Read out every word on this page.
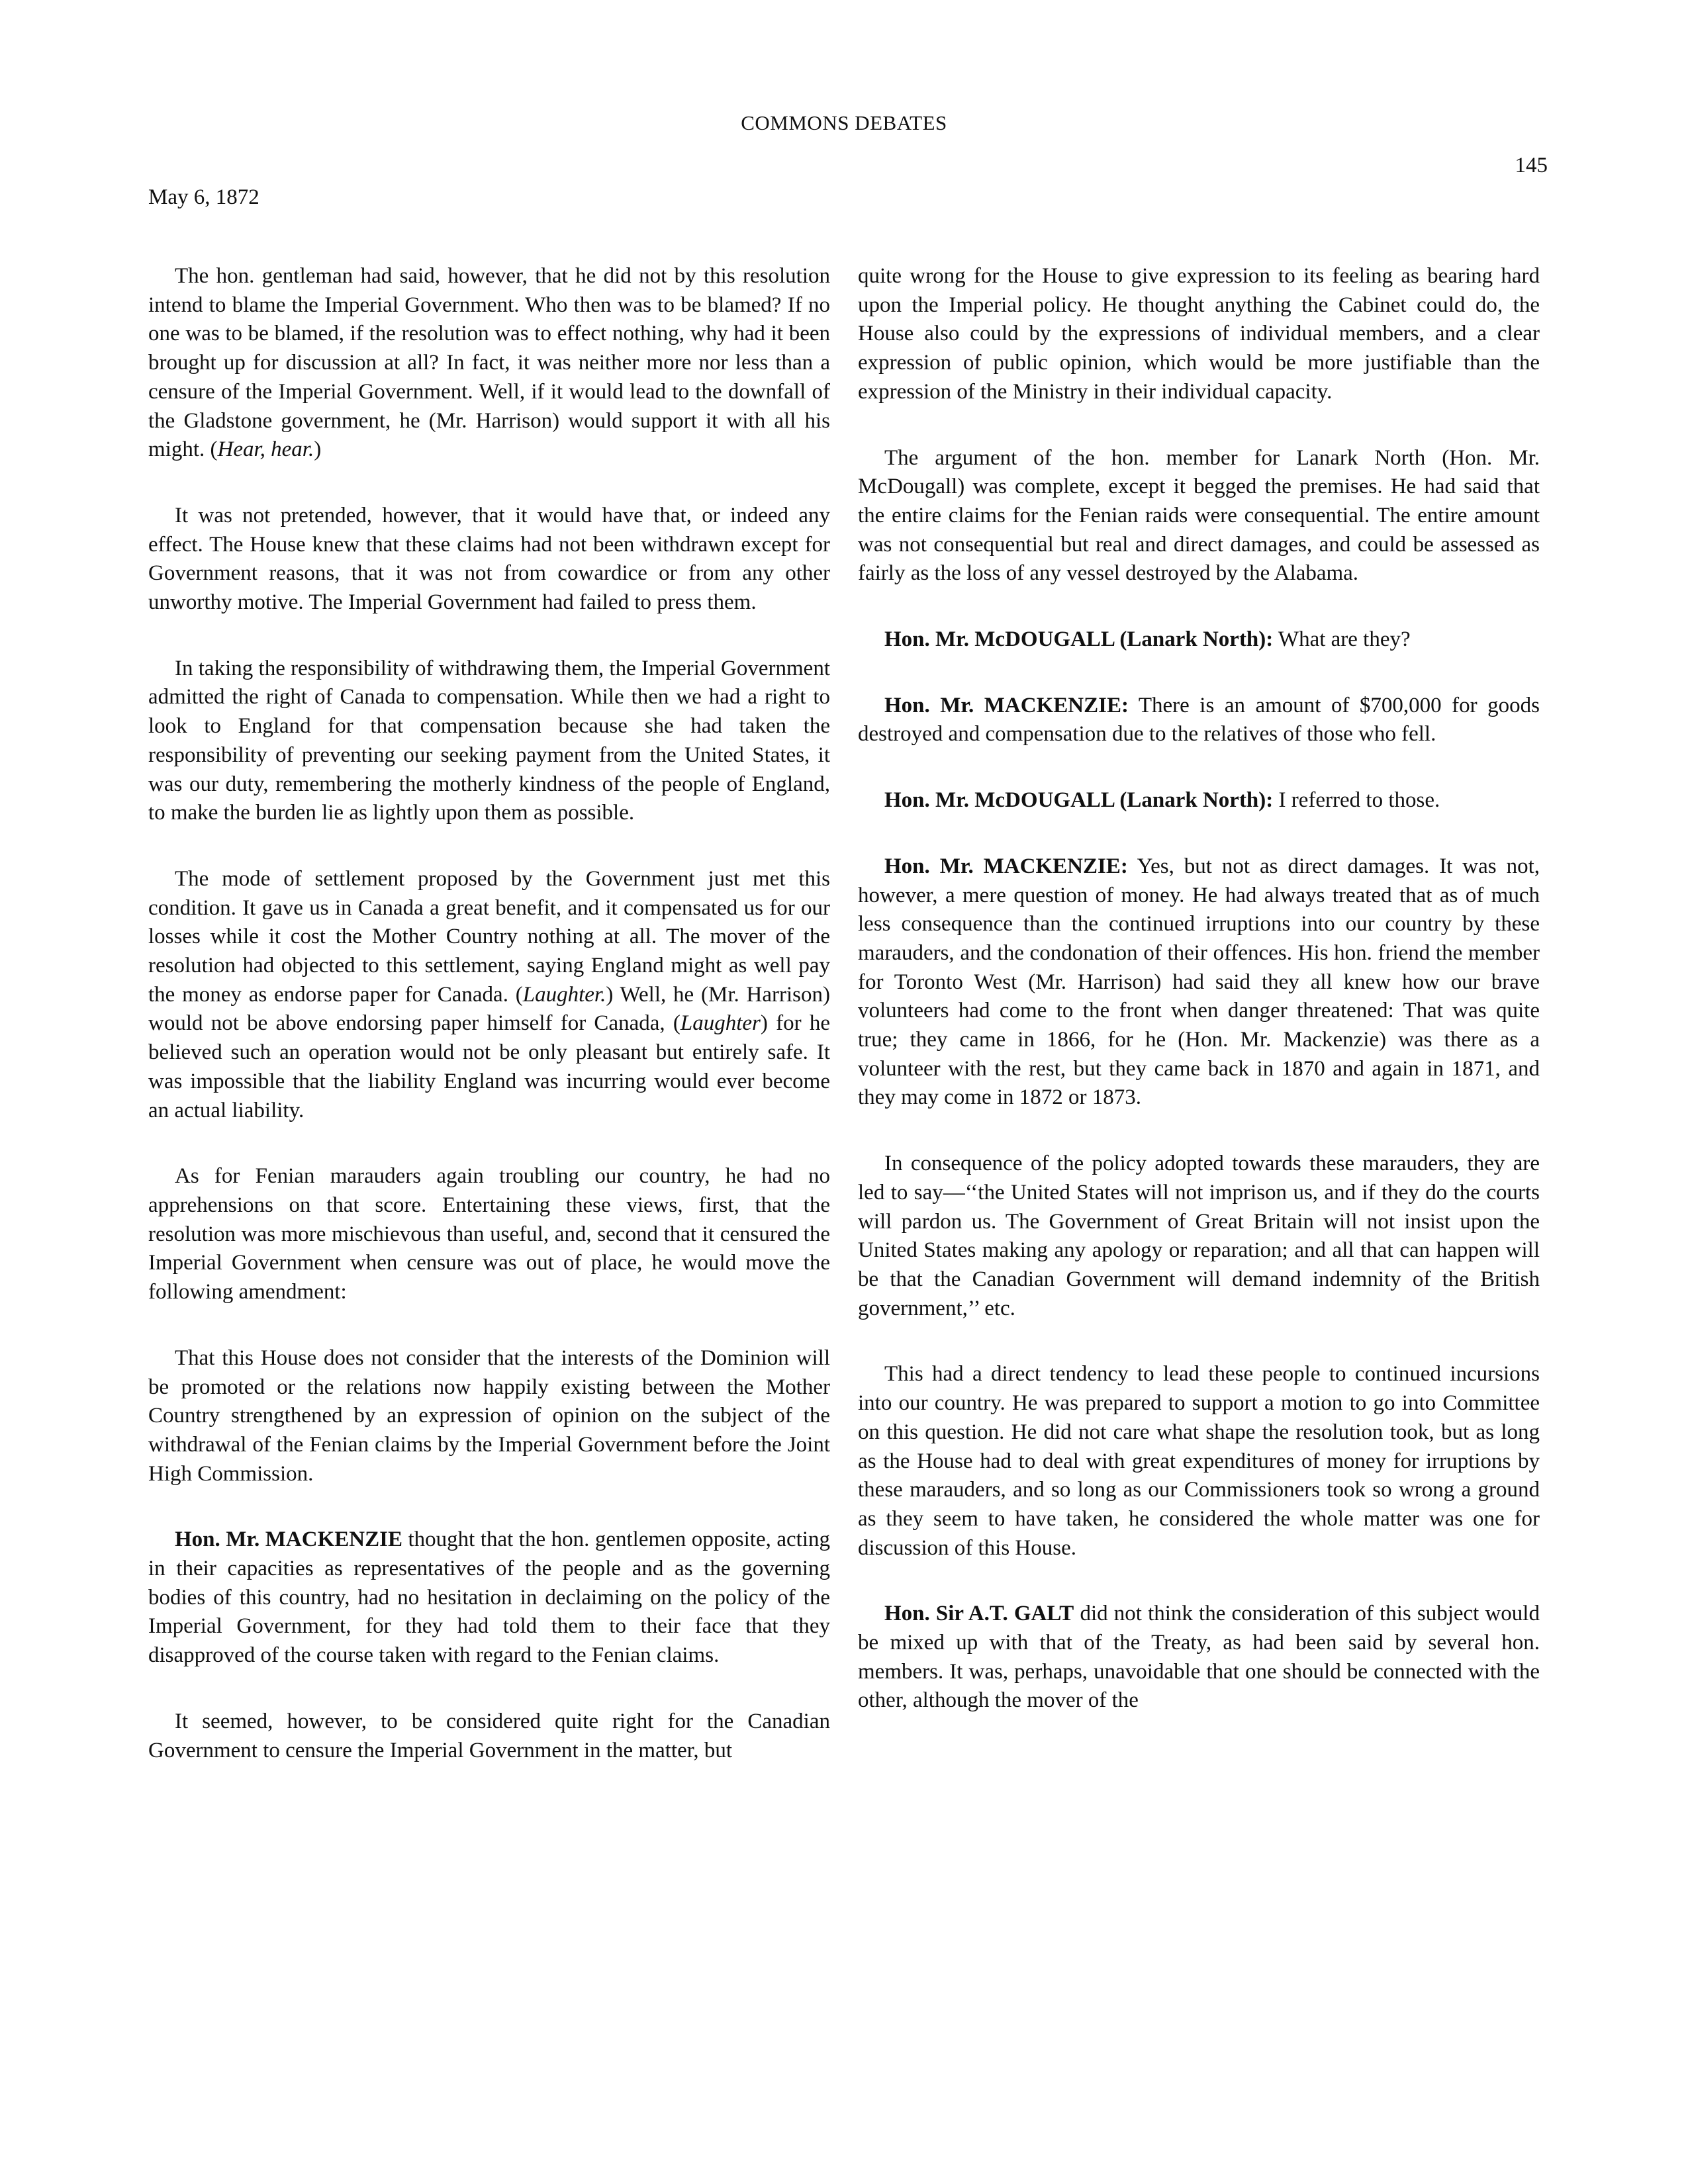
COMMONS DEBATES
145
May 6, 1872

The hon. gentleman had said, however, that he did not by this resolution intend to blame the Imperial Government. Who then was to be blamed? If no one was to be blamed, if the resolution was to effect nothing, why had it been brought up for discussion at all? In fact, it was neither more nor less than a censure of the Imperial Government. Well, if it would lead to the downfall of the Gladstone government, he (Mr. Harrison) would support it with all his might. (Hear, hear.)

It was not pretended, however, that it would have that, or indeed any effect. The House knew that these claims had not been withdrawn except for Government reasons, that it was not from cowardice or from any other unworthy motive. The Imperial Government had failed to press them.

In taking the responsibility of withdrawing them, the Imperial Government admitted the right of Canada to compensation. While then we had a right to look to England for that compensation because she had taken the responsibility of preventing our seeking payment from the United States, it was our duty, remembering the motherly kindness of the people of England, to make the burden lie as lightly upon them as possible.

The mode of settlement proposed by the Government just met this condition. It gave us in Canada a great benefit, and it compensated us for our losses while it cost the Mother Country nothing at all. The mover of the resolution had objected to this settlement, saying England might as well pay the money as endorse paper for Canada. (Laughter.) Well, he (Mr. Harrison) would not be above endorsing paper himself for Canada, (Laughter) for he believed such an operation would not be only pleasant but entirely safe. It was impossible that the liability England was incurring would ever become an actual liability.

As for Fenian marauders again troubling our country, he had no apprehensions on that score. Entertaining these views, first, that the resolution was more mischievous than useful, and, second that it censured the Imperial Government when censure was out of place, he would move the following amendment:

That this House does not consider that the interests of the Dominion will be promoted or the relations now happily existing between the Mother Country strengthened by an expression of opinion on the subject of the withdrawal of the Fenian claims by the Imperial Government before the Joint High Commission.

Hon. Mr. MACKENZIE thought that the hon. gentlemen opposite, acting in their capacities as representatives of the people and as the governing bodies of this country, had no hesitation in declaiming on the policy of the Imperial Government, for they had told them to their face that they disapproved of the course taken with regard to the Fenian claims.

It seemed, however, to be considered quite right for the Canadian Government to censure the Imperial Government in the matter, but

quite wrong for the House to give expression to its feeling as bearing hard upon the Imperial policy. He thought anything the Cabinet could do, the House also could by the expressions of individual members, and a clear expression of public opinion, which would be more justifiable than the expression of the Ministry in their individual capacity.

The argument of the hon. member for Lanark North (Hon. Mr. McDougall) was complete, except it begged the premises. He had said that the entire claims for the Fenian raids were consequential. The entire amount was not consequential but real and direct damages, and could be assessed as fairly as the loss of any vessel destroyed by the Alabama.

Hon. Mr. McDOUGALL (Lanark North): What are they?

Hon. Mr. MACKENZIE: There is an amount of $700,000 for goods destroyed and compensation due to the relatives of those who fell.

Hon. Mr. McDOUGALL (Lanark North): I referred to those.

Hon. Mr. MACKENZIE: Yes, but not as direct damages. It was not, however, a mere question of money. He had always treated that as of much less consequence than the continued irruptions into our country by these marauders, and the condonation of their offences. His hon. friend the member for Toronto West (Mr. Harrison) had said they all knew how our brave volunteers had come to the front when danger threatened: That was quite true; they came in 1866, for he (Hon. Mr. Mackenzie) was there as a volunteer with the rest, but they came back in 1870 and again in 1871, and they may come in 1872 or 1873.

In consequence of the policy adopted towards these marauders, they are led to say—‘‘the United States will not imprison us, and if they do the courts will pardon us. The Government of Great Britain will not insist upon the United States making any apology or reparation; and all that can happen will be that the Canadian Government will demand indemnity of the British government,’’ etc.

This had a direct tendency to lead these people to continued incursions into our country. He was prepared to support a motion to go into Committee on this question. He did not care what shape the resolution took, but as long as the House had to deal with great expenditures of money for irruptions by these marauders, and so long as our Commissioners took so wrong a ground as they seem to have taken, he considered the whole matter was one for discussion of this House.

Hon. Sir A.T. GALT did not think the consideration of this subject would be mixed up with that of the Treaty, as had been said by several hon. members. It was, perhaps, unavoidable that one should be connected with the other, although the mover of the
